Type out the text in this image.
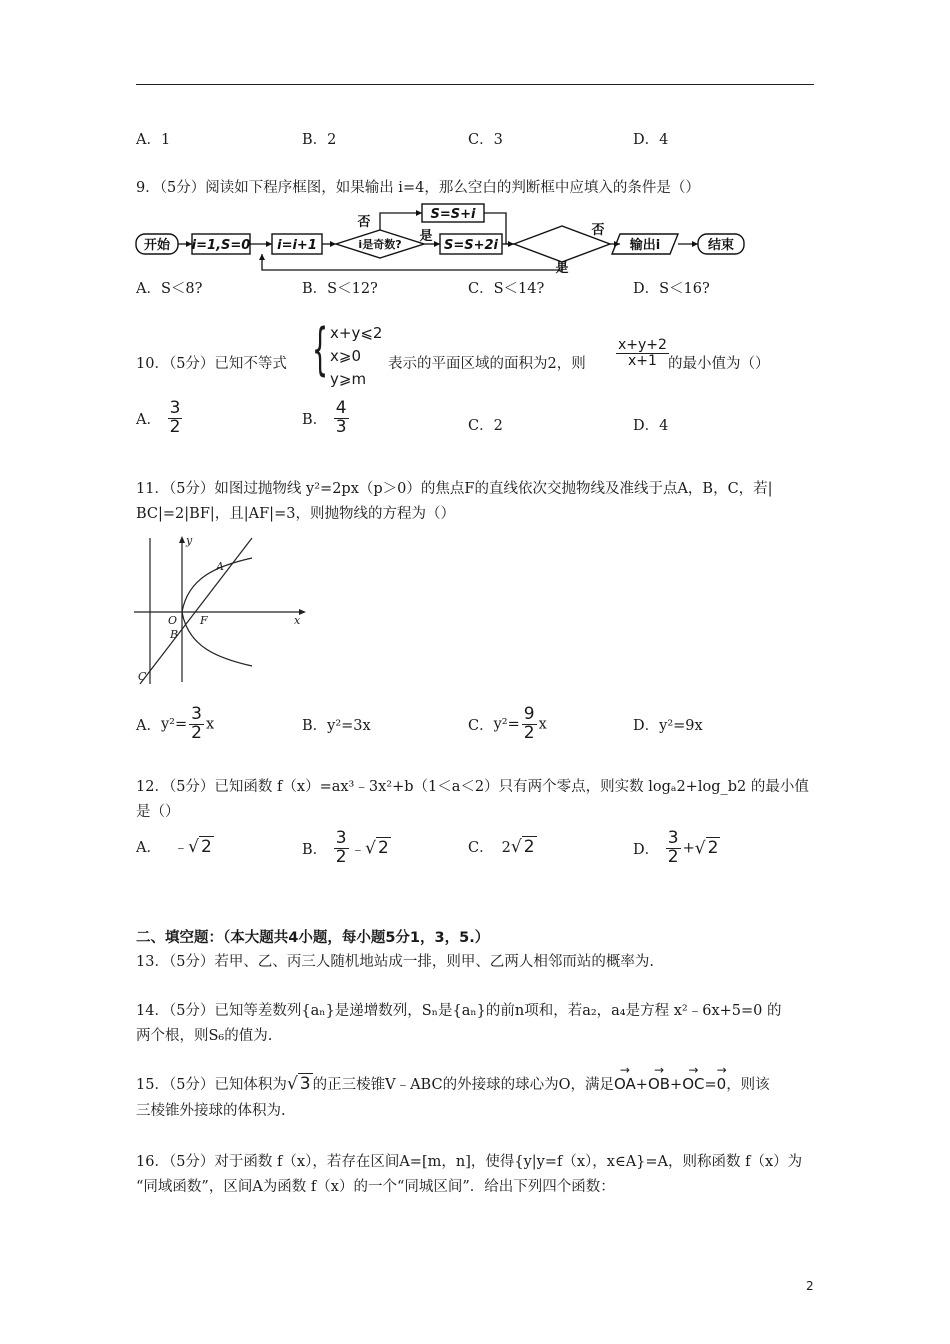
A．1	B．2	C．3	D．4
9．（5分）阅读如下程序框图，如果输出 i=4，那么空白的判断框中应填入的条件是（）
开始 i=1,S=0 i=i+1	i是奇数?
S=S+i
S=S+2i	输出i	结束
否
是	否
是
A．S＜8?	B．S＜12?	C．S＜14?	D．S＜16?
10．（5分）已知不等式 { x+y⩽2
x⩾0
y⩾m
表示的平面区域的面积为2，则 $\frac{x+y+2}{x+1}$ 的最小值为（）
A． $\frac{3}{2}$	B． $\frac{4}{3}$	C．2	D．4
11．（5分）如图过抛物线 y²=2px（p＞0）的焦点F的直线依次交抛物线及准线于点A，B，C，若|
BC|=2|BF|，且|AF|=3，则抛物线的方程为（）
y
x
O F
A
B
C
A．$y^2= \frac{3}{2}$ x	B．y²=3x	C．$y^2= \frac{9}{2}$ x	D．y²=9x
12．（5分）已知函数 f（x）=ax³﹣3x²+b（1＜a＜2）只有两个零点，则实数 logₐ2+log_b2 的最小值
是（）
A． ﹣√ 2	B． $\frac{3}{2}$ ﹣√ 2	C． 2√ 2	D． $\frac{3}{2}$ +√ 2
二、填空题：（本大题共4小题，每小题5分1，3，5.）
13．（5分）若甲、乙、丙三人随机地站成一排，则甲、乙两人相邻而站的概率为.
14．（5分）已知等差数列{aₙ}是递增数列，Sₙ是{aₙ}的前n项和，若a₂，a₄是方程 x²﹣6x+5=0 的
两个根，则S₆的值为.
15．（5分）已知体积为√ 3 的正三棱锥V﹣ABC的外接球的球心为O，满足→ OA+→ OB+→ OC=→ 0，则该
三棱锥外接球的体积为.
16．（5分）对于函数 f（x），若存在区间A=[m，n]，使得{y|y=f（x），x∈A}=A，则称函数 f（x）为
“同域函数”，区间A为函数 f（x）的一个“同城区间”．给出下列四个函数：
2
